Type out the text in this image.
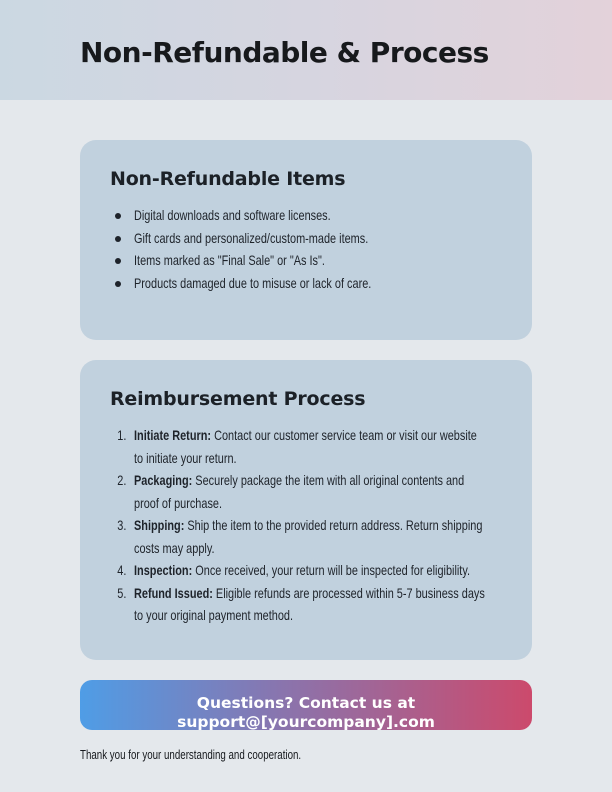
Non-Refundable & Process
Non-Refundable Items
Digital downloads and software licenses.
Gift cards and personalized/custom-made items.
Items marked as "Final Sale" or "As Is".
Products damaged due to misuse or lack of care.
Reimbursement Process
1. Initiate Return: Contact our customer service team or visit our website
to initiate your return.
2. Packaging: Securely package the item with all original contents and
proof of purchase.
3. Shipping: Ship the item to the provided return address. Return shipping
costs may apply.
4. Inspection: Once received, your return will be inspected for eligibility.
5. Refund Issued: Eligible refunds are processed within 5-7 business days
to your original payment method.
Questions? Contact us at
support@[yourcompany].com
Thank you for your understanding and cooperation.
